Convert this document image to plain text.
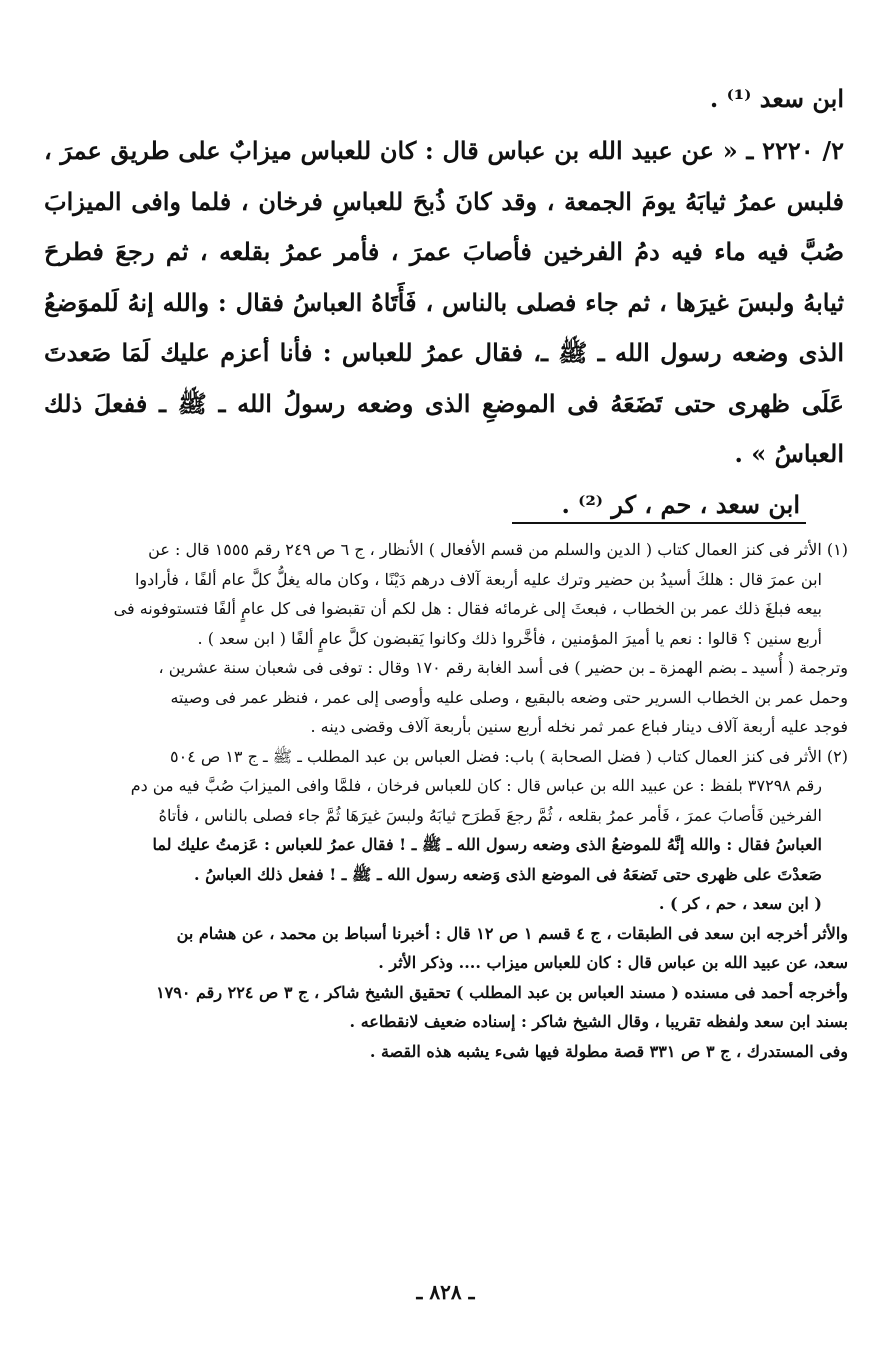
ابن سعد ⁽¹⁾ .

٢/ ٢٢٢٠ ـ « عن عبيد الله بن عباس قال : كان للعباس ميزابٌ على طريق عمرَ ، فلبس عمرُ ثيابَهُ يومَ الجمعة ، وقد كانَ ذُبحَ للعباسِ فرخان ، فلما وافى الميزابَ صُبَّ فيه ماء فيه دمُ الفرخين فأصابَ عمرَ ، فأمر عمرُ بقلعه ، ثم رجعَ فطرحَ ثيابهُ ولبسَ غيرَها ، ثم جاء فصلى بالناس ، فَأَتَاهُ العباسُ فقال : والله إنهُ لَلموَضعُ الذى وضعه رسول الله ـ ﷺ ـ، فقال عمرُ للعباس : فأنا أعزم عليك لَمَا صَعدتَ عَلَى ظهرى حتى تَضَعَهُ فى الموضعِ الذى وضعه رسولُ الله ـ ﷺ ـ ففعلَ ذلك العباسُ » .

ابن سعد ، حم ، كر ⁽²⁾ .

(١) الأثر فى كنز العمال كتاب ( الدين والسلم من قسم الأفعال ) الأنظار ، ج ٦ ص ٢٤٩ رقم ١٥٥٥ قال : عن

ابن عمرَ قال : هلكَ أسيدُ بن حضير وترك عليه أربعة آلاف درهم دَيْنًا ، وكان ماله يغلُّ كلَّ عام ألفًا ، فأرادوا

بيعه فبلغَ ذلك عمر بن الخطاب ، فبعثَ إلى غرمائه فقال : هل لكم أن تقبضوا فى كل عامٍ ألفًا فتستوفونه فى

أربع سنين ؟ قالوا : نعم يا أميرَ المؤمنين ، فأخَّروا ذلك وكانوا يَقبضون كلَّ عامٍ ألفًا ( ابن سعد ) .

وترجمة ( أُسيد ـ بضم الهمزة ـ بن حضير ) فى أسد الغابة رقم ١٧٠ وقال : توفى فى شعبان سنة عشرين ،

وحمل عمر بن الخطاب السرير حتى وضعه بالبقيع ، وصلى عليه وأوصى إلى عمر ، فنظر عمر فى وصيته

فوجد عليه أربعة آلاف دينار فباع عمر ثمر نخله أربع سنين بأربعة آلاف وقضى دينه .

(٢) الأثر فى كنز العمال كتاب ( فضل الصحابة ) باب: فضل العباس بن عبد المطلب ـ ﷺ ـ ج ١٣ ص ٥٠٤

رقم ٣٧٢٩٨ بلفظ : عن عبيد الله بن عباس قال : كان للعباس فرخان ، فلمَّا وافى الميزابَ صُبَّ فيه من دم

الفرخين فَأصابَ عمرَ ، فَأمر عمرُ بقلعه ، ثُمَّ رجعَ فَطرَح ثيابَهُ ولبسَ غيرَهَا ثُمَّ جاء فصلى بالناس ، فأتاهُ

العباسُ فقال : والله إنَّهُ للموضعُ الذى وضعه رسول الله ـ ﷺ ـ ! فقال عمرُ للعباس : عَزمتُ عليك لما

صَعدْتَ على ظهرى حتى تَضعَهُ فى الموضع الذى وَضعه رسول الله ـ ﷺ ـ ! ففعل ذلك العباسُ .

( ابن سعد ، حم ، كر ) .

والأثر أخرجه ابن سعد فى الطبقات ، ج ٤ قسم ١ ص ١٢ قال : أخبرنا أسباط بن محمد ، عن هشام بن

سعد، عن عبيد الله بن عباس قال : كان للعباس ميزاب .... وذكر الأثر .

وأخرجه أحمد فى مسنده ( مسند العباس بن عبد المطلب ) تحقيق الشيخ شاكر ، ج ٣ ص ٢٢٤ رقم ١٧٩٠

بسند ابن سعد ولفظه تقريبا ، وقال الشيخ شاكر : إسناده ضعيف لانقطاعه .

وفى المستدرك ، ج ٣ ص ٣٣١ قصة مطولة فيها شىء يشبه هذه القصة .

ـ ٨٢٨ ـ
